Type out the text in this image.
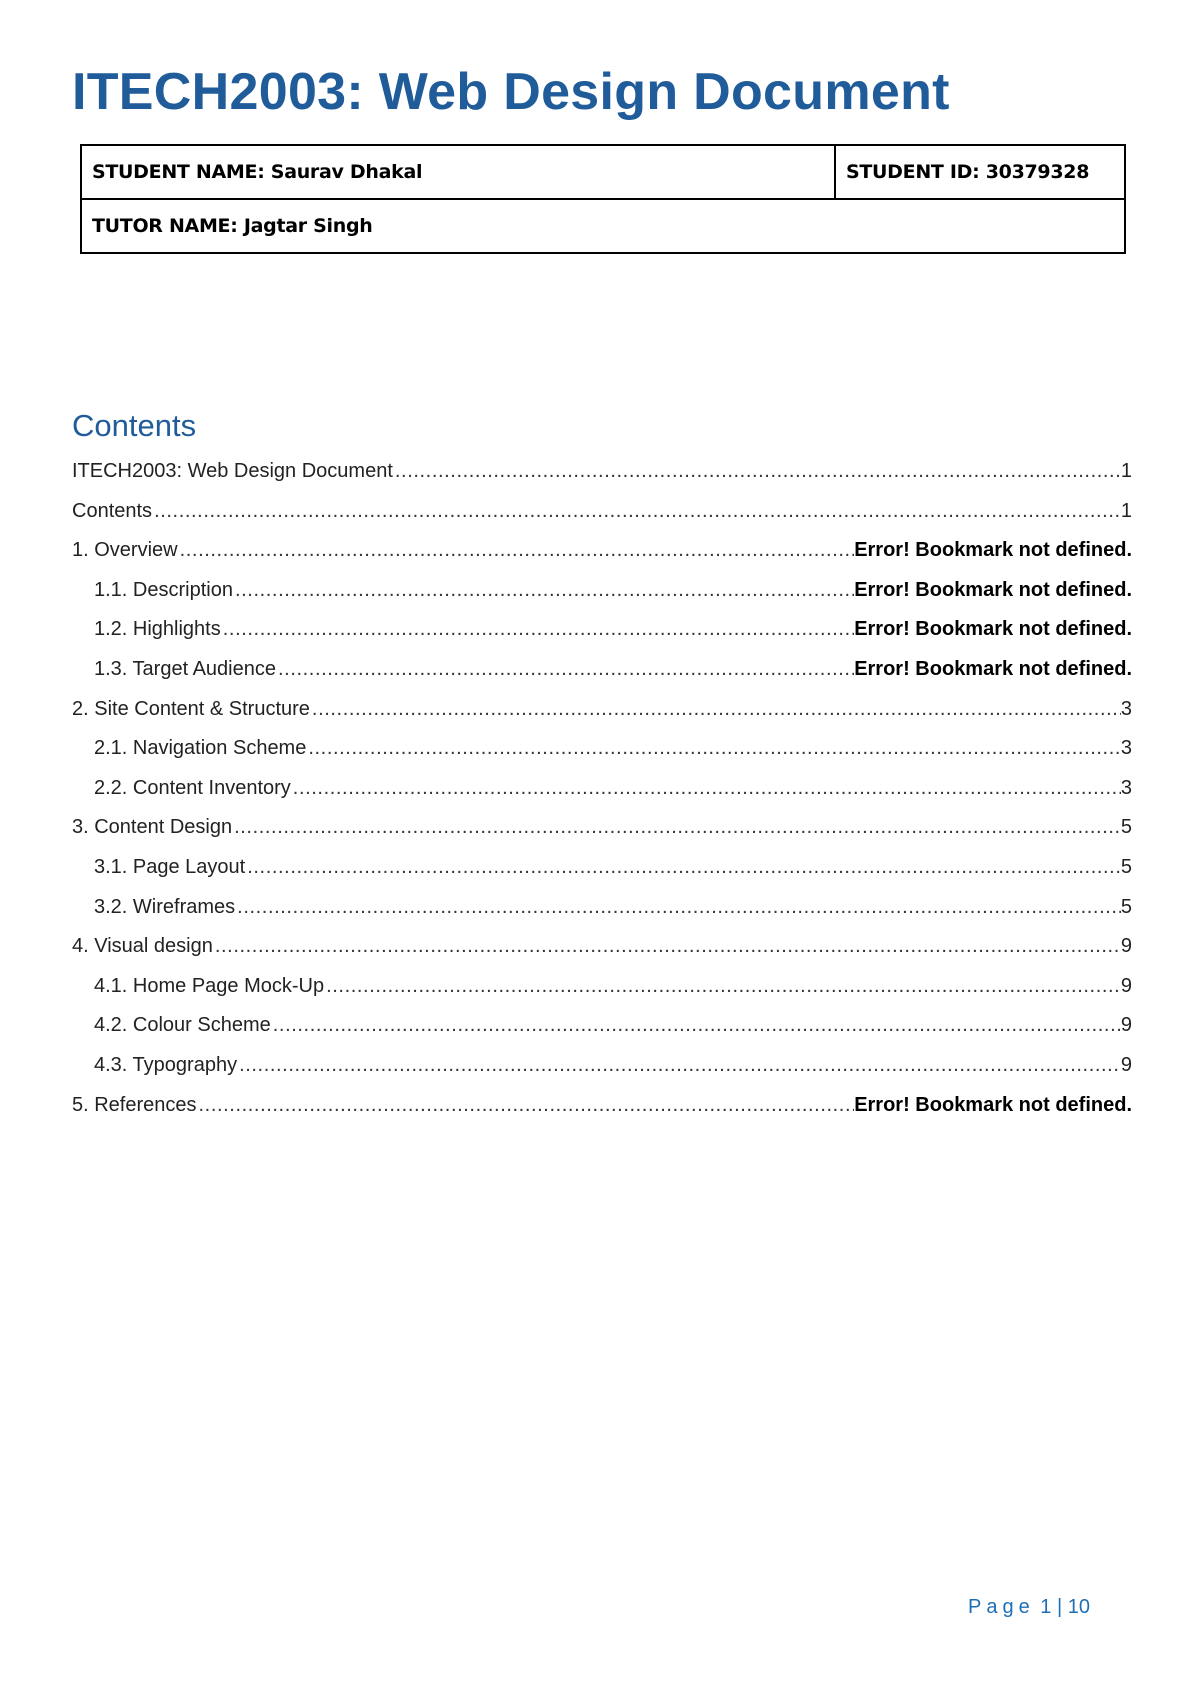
ITECH2003: Web Design Document
STUDENT NAME: Saurav Dhakal	STUDENT ID: 30379328
TUTOR NAME: Jagtar Singh
Contents
ITECH2003: Web Design Document .....	1
Contents .....	1
1. Overview .....	Error! Bookmark not defined.
1.1. Description .....	Error! Bookmark not defined.
1.2. Highlights .....	Error! Bookmark not defined.
1.3. Target Audience .....	Error! Bookmark not defined.
2. Site Content & Structure .....	3
2.1. Navigation Scheme .....	3
2.2. Content Inventory .....	3
3. Content Design .....	5
3.1. Page Layout .....	5
3.2. Wireframes .....	5
4. Visual design .....	9
4.1. Home Page Mock-Up .....	9
4.2. Colour Scheme .....	9
4.3. Typography .....	9
5. References .....	Error! Bookmark not defined.
Page 1 | 10
